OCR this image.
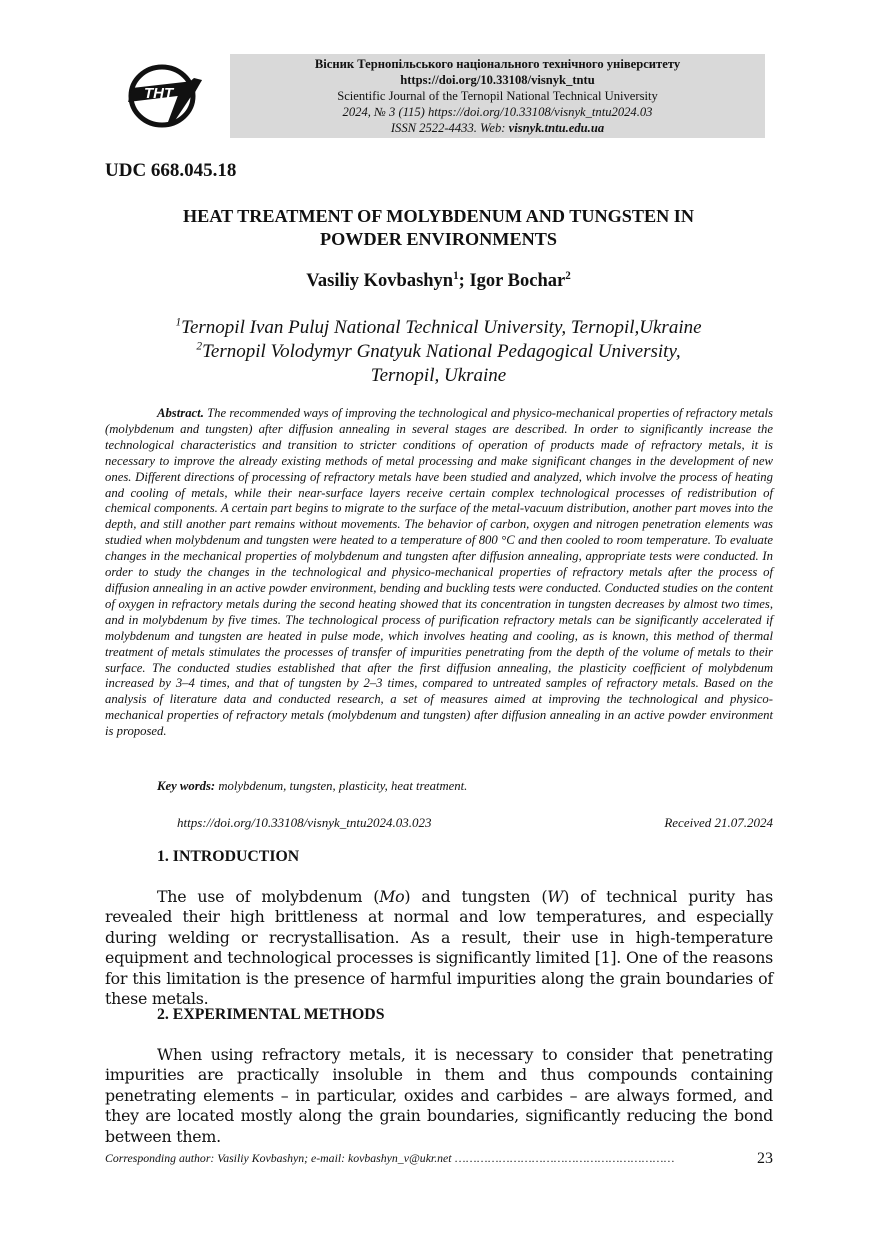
ТНТ
Вісник Тернопільського національного технічного університету
https://doi.org/10.33108/visnyk_tntu
Scientific Journal of the Ternopil National Technical University
2024, № 3 (115) https://doi.org/10.33108/visnyk_tntu2024.03
ISSN 2522-4433. Web: visnyk.tntu.edu.ua
UDC 668.045.18
HEAT TREATMENT OF MOLYBDENUM AND TUNGSTEN IN
POWDER ENVIRONMENTS
Vasiliy Kovbashyn$^1$; Igor Bochar$^2$
$^1$Ternopil Ivan Puluj National Technical University, Ternopil,Ukraine
$^2$Ternopil Volodymyr Gnatyuk National Pedagogical University,
Ternopil, Ukraine
Abstract. The recommended ways of improving the technological and physico-mechanical properties of refractory metals (molybdenum and tungsten) after diffusion annealing in several stages are described. In order to significantly increase the technological characteristics and transition to stricter conditions of operation of products made of refractory metals, it is necessary to improve the already existing methods of metal processing and make significant changes in the development of new ones. Different directions of processing of refractory metals have been studied and analyzed, which involve the process of heating and cooling of metals, while their near-surface layers receive certain complex technological processes of redistribution of chemical components. A certain part begins to migrate to the surface of the metal-vacuum distribution, another part moves into the depth, and still another part remains without movements. The behavior of carbon, oxygen and nitrogen penetration elements was studied when molybdenum and tungsten were heated to a temperature of 800 °C and then cooled to room temperature. To evaluate changes in the mechanical properties of molybdenum and tungsten after diffusion annealing, appropriate tests were conducted. In order to study the changes in the technological and physico-mechanical properties of refractory metals after the process of diffusion annealing in an active powder environment, bending and buckling tests were conducted. Conducted studies on the content of oxygen in refractory metals during the second heating showed that its concentration in tungsten decreases by almost two times, and in molybdenum by five times. The technological process of purification refractory metals can be significantly accelerated if molybdenum and tungsten are heated in pulse mode, which involves heating and cooling, as is known, this method of thermal treatment of metals stimulates the processes of transfer of impurities penetrating from the depth of the volume of metals to their surface. The conducted studies established that after the first diffusion annealing, the plasticity coefficient of molybdenum increased by 3–4 times, and that of tungsten by 2–3 times, compared to untreated samples of refractory metals. Based on the analysis of literature data and conducted research, a set of measures aimed at improving the technological and physico-mechanical properties of refractory metals (molybdenum and tungsten) after diffusion annealing in an active powder environment is proposed.
Key words: molybdenum, tungsten, plasticity, heat treatment.
https://doi.org/10.33108/visnyk_tntu2024.03.023	Received 21.07.2024
1. INTRODUCTION
The use of molybdenum (Mo) and tungsten (W) of technical purity has revealed their high brittleness at normal and low temperatures, and especially during welding or recrystallisation. As a result, their use in high-temperature equipment and technological processes is significantly limited [1]. One of the reasons for this limitation is the presence of harmful impurities along the grain boundaries of these metals.
2. EXPERIMENTAL METHODS
When using refractory metals, it is necessary to consider that penetrating impurities are practically insoluble in them and thus compounds containing penetrating elements – in particular, oxides and carbides – are always formed, and they are located mostly along the grain boundaries, significantly reducing the bond between them.
Corresponding author: Vasiliy Kovbashyn; e-mail: kovbashyn_v@ukr.net ……………………………………………………	23
